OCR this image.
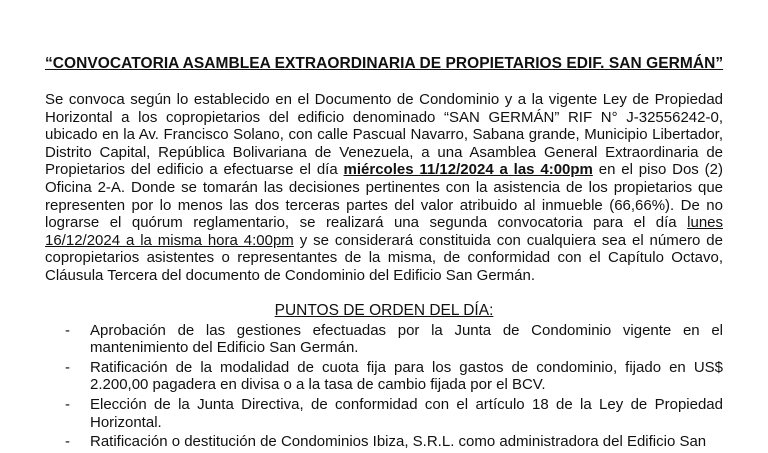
“CONVOCATORIA ASAMBLEA EXTRAORDINARIA DE PROPIETARIOS EDIF. SAN GERMÁN”

Se convoca según lo establecido en el Documento de Condominio y a la vigente Ley de Propiedad Horizontal a los copropietarios del edificio denominado “SAN GERMÁN” RIF N° J-32556242-0, ubicado en la Av. Francisco Solano, con calle Pascual Navarro, Sabana grande, Municipio Libertador, Distrito Capital, República Bolivariana de Venezuela, a una Asamblea General Extraordinaria de Propietarios del edificio a efectuarse el día miércoles 11/12/2024 a las 4:00pm en el piso Dos (2) Oficina 2-A. Donde se tomarán las decisiones pertinentes con la asistencia de los propietarios que representen por lo menos las dos terceras partes del valor atribuido al inmueble (66,66%). De no lograrse el quórum reglamentario, se realizará una segunda convocatoria para el día lunes 16/12/2024 a la misma hora 4:00pm y se considerará constituida con cualquiera sea el número de copropietarios asistentes o representantes de la misma, de conformidad con el Capítulo Octavo, Cláusula Tercera del documento de Condominio del Edificio San Germán.

PUNTOS DE ORDEN DEL DÍA:
- Aprobación de las gestiones efectuadas por la Junta de Condominio vigente en el mantenimiento del Edificio San Germán.
- Ratificación de la modalidad de cuota fija para los gastos de condominio, fijado en US$ 2.200,00 pagadera en divisa o a la tasa de cambio fijada por el BCV.
- Elección de la Junta Directiva, de conformidad con el artículo 18 de la Ley de Propiedad Horizontal.
- Ratificación o destitución de Condominios Ibiza, S.R.L. como administradora del Edificio San
